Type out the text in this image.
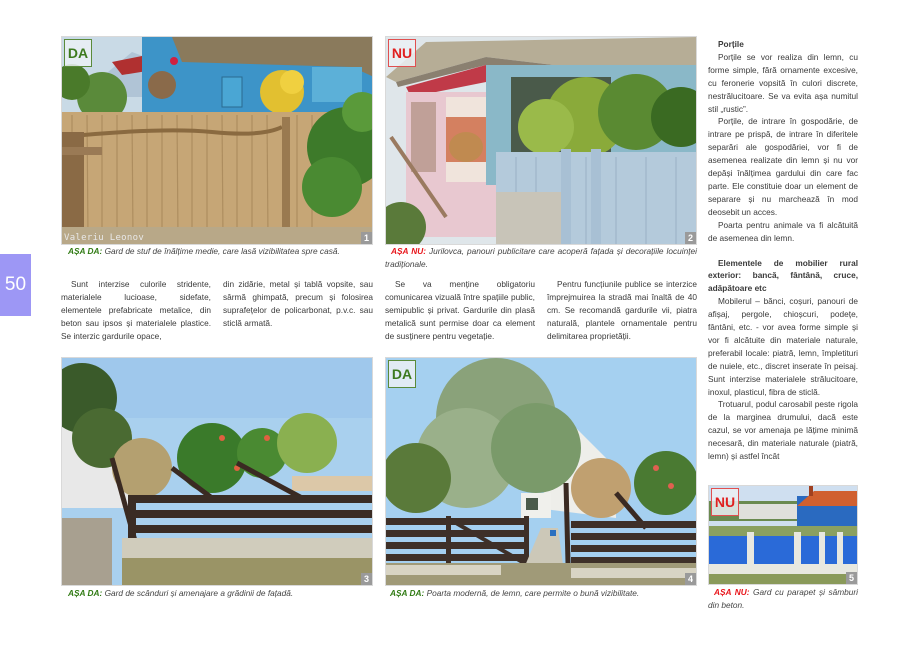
50
DA
Valeriu Leonov	1
AȘA DA: Gard de stuf de înălțime medie, care lasă vizibilitatea spre casă.
NU
2
AȘA NU: Jurilovca, panouri publicitare care acoperă fațada și decorațiile locuinței tradiționale.

Sunt interzise culorile stridente, materialele lucioase, sidefate, elementele prefabricate metalice, din beton sau ipsos și materialele plastice. Se interzic gardurile opace,

din zidărie, metal și tablă vopsite, sau sârmă ghimpată, precum și folosirea suprafețelor de policarbonat, p.v.c. sau sticlă armată.

Se va menține obligatoriu comunicarea vizuală între spațiile public, semipublic și privat. Gardurile din plasă metalică sunt permise doar ca element de susținere pentru vegetație.

Pentru funcțiunile publice se interzice împrejmuirea la stradă mai înaltă de 40 cm. Se recomandă gardurile vii, piatra naturală, plantele ornamentale pentru delimitarea proprietății.

3
AȘA DA: Gard de scânduri și amenajare a grădinii de fațadă.
DA
4
AȘA DA: Poarta modernă, de lemn, care permite o bună vizibilitate.

Porțile

Porțile se vor realiza din lemn, cu forme simple, fără ornamente excesive, cu feronerie vopsită în culori discrete, nestrălucitoare. Se va evita așa numitul stil „rustic”.

Porțile, de intrare în gospodărie, de intrare pe prispă, de intrare în diferitele separări ale gospodăriei, vor fi de asemenea realizate din lemn și nu vor depăși înălțimea gardului din care fac parte. Ele constituie doar un element de separare și nu marchează în mod deosebit un acces.

Poarta pentru animale va fi alcătuită de asemenea din lemn.

Elementele de mobilier rural exterior: bancă, fântână, cruce, adăpătoare etc

Mobilerul – bănci, coșuri, panouri de afișaj, pergole, chioșcuri, podețe, fântâni, etc. - vor avea forme simple și vor fi alcătuite din materiale naturale, preferabil locale: piatră, lemn, împletituri de nuiele, etc., discret inserate în peisaj. Sunt interzise materialele strălucitoare, inoxul, plasticul, fibra de sticlă.

Trotuarul, podul carosabil peste rigola de la marginea drumului, dacă este cazul, se vor amenaja pe lățime minimă necesară, din materiale naturale (piatră, lemn) și astfel încât

NU
5
AȘA NU: Gard cu parapet și sâmburi din beton.
